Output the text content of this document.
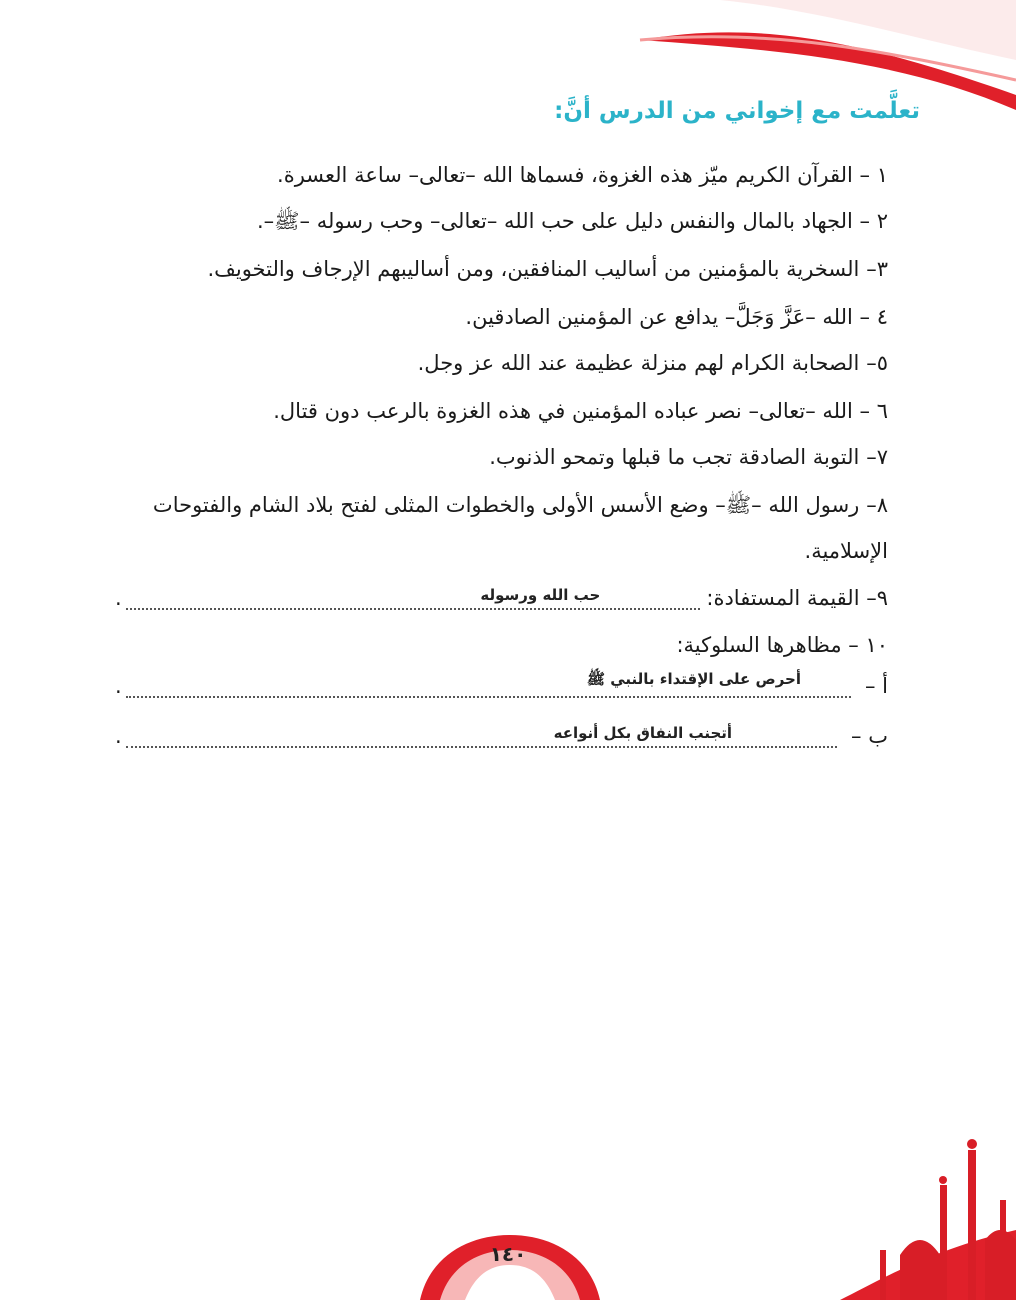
تعلَّمت مع إخواني من الدرس أنَّ:
١ – القرآن الكريم ميّز هذه الغزوة، فسماها الله –تعالى– ساعة العسرة.
٢ – الجهاد بالمال والنفس دليل على حب الله –تعالى– وحب رسوله –ﷺ–.
٣– السخرية بالمؤمنين من أساليب المنافقين، ومن أساليبهم الإرجاف والتخويف.
٤ – الله –عَزَّ وَجَلَّ– يدافع عن المؤمنين الصادقين.
٥– الصحابة الكرام لهم منزلة عظيمة عند الله عز وجل.
٦ – الله –تعالى– نصر عباده المؤمنين في هذه الغزوة بالرعب دون قتال.
٧– التوبة الصادقة تجب ما قبلها وتمحو الذنوب.
٨– رسول الله –ﷺ– وضع الأسس الأولى والخطوات المثلى لفتح بلاد الشام والفتوحات الإسلامية.
٩– القيمة المستفادة:
حب الله ورسوله
.
١٠ – مظاهرها السلوكية:
أ –
أحرص على الإقتداء بالنبي ﷺ
.
ب –
أتجنب النفاق بكل أنواعه
.
١٤٠
